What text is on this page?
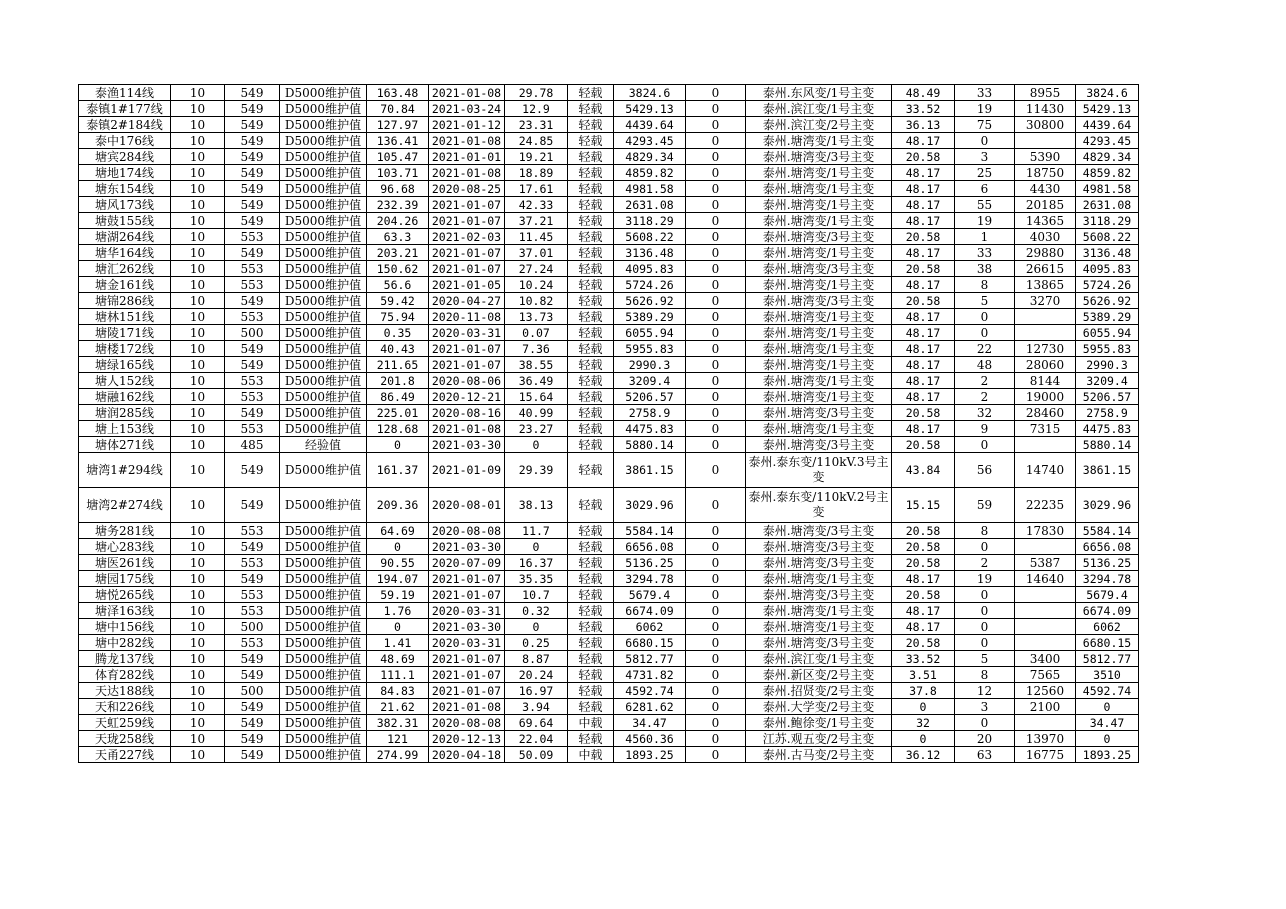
泰渔114线	10	549	D5000维护值	163.48	2021-01-08	29.78	轻载	3824.6	0	泰州.东风变/1号主变	48.49	33	8955	3824.6
泰镇1#177线	10	549	D5000维护值	70.84	2021-03-24	12.9	轻载	5429.13	0	泰州.滨江变/1号主变	33.52	19	11430	5429.13
泰镇2#184线	10	549	D5000维护值	127.97	2021-01-12	23.31	轻载	4439.64	0	泰州.滨江变/2号主变	36.13	75	30800	4439.64
泰中176线	10	549	D5000维护值	136.41	2021-01-08	24.85	轻载	4293.45	0	泰州.塘湾变/1号主变	48.17	0		4293.45
塘宾284线	10	549	D5000维护值	105.47	2021-01-01	19.21	轻载	4829.34	0	泰州.塘湾变/3号主变	20.58	3	5390	4829.34
塘地174线	10	549	D5000维护值	103.71	2021-01-08	18.89	轻载	4859.82	0	泰州.塘湾变/1号主变	48.17	25	18750	4859.82
塘东154线	10	549	D5000维护值	96.68	2020-08-25	17.61	轻载	4981.58	0	泰州.塘湾变/1号主变	48.17	6	4430	4981.58
塘风173线	10	549	D5000维护值	232.39	2021-01-07	42.33	轻载	2631.08	0	泰州.塘湾变/1号主变	48.17	55	20185	2631.08
塘鼓155线	10	549	D5000维护值	204.26	2021-01-07	37.21	轻载	3118.29	0	泰州.塘湾变/1号主变	48.17	19	14365	3118.29
塘湖264线	10	553	D5000维护值	63.3	2021-02-03	11.45	轻载	5608.22	0	泰州.塘湾变/3号主变	20.58	1	4030	5608.22
塘华164线	10	549	D5000维护值	203.21	2021-01-07	37.01	轻载	3136.48	0	泰州.塘湾变/1号主变	48.17	33	29880	3136.48
塘汇262线	10	553	D5000维护值	150.62	2021-01-07	27.24	轻载	4095.83	0	泰州.塘湾变/3号主变	20.58	38	26615	4095.83
塘金161线	10	553	D5000维护值	56.6	2021-01-05	10.24	轻载	5724.26	0	泰州.塘湾变/1号主变	48.17	8	13865	5724.26
塘锦286线	10	549	D5000维护值	59.42	2020-04-27	10.82	轻载	5626.92	0	泰州.塘湾变/3号主变	20.58	5	3270	5626.92
塘林151线	10	553	D5000维护值	75.94	2020-11-08	13.73	轻载	5389.29	0	泰州.塘湾变/1号主变	48.17	0		5389.29
塘陵171线	10	500	D5000维护值	0.35	2020-03-31	0.07	轻载	6055.94	0	泰州.塘湾变/1号主变	48.17	0		6055.94
塘楼172线	10	549	D5000维护值	40.43	2021-01-07	7.36	轻载	5955.83	0	泰州.塘湾变/1号主变	48.17	22	12730	5955.83
塘绿165线	10	549	D5000维护值	211.65	2021-01-07	38.55	轻载	2990.3	0	泰州.塘湾变/1号主变	48.17	48	28060	2990.3
塘人152线	10	553	D5000维护值	201.8	2020-08-06	36.49	轻载	3209.4	0	泰州.塘湾变/1号主变	48.17	2	8144	3209.4
塘融162线	10	553	D5000维护值	86.49	2020-12-21	15.64	轻载	5206.57	0	泰州.塘湾变/1号主变	48.17	2	19000	5206.57
塘润285线	10	549	D5000维护值	225.01	2020-08-16	40.99	轻载	2758.9	0	泰州.塘湾变/3号主变	20.58	32	28460	2758.9
塘上153线	10	553	D5000维护值	128.68	2021-01-08	23.27	轻载	4475.83	0	泰州.塘湾变/1号主变	48.17	9	7315	4475.83
塘体271线	10	485	经验值	0	2021-03-30	0	轻载	5880.14	0	泰州.塘湾变/3号主变	20.58	0		5880.14
塘湾1#294线	10	549	D5000维护值	161.37	2021-01-09	29.39	轻载	3861.15	0	泰州.泰东变/110kV.3号主变	43.84	56	14740	3861.15
塘湾2#274线	10	549	D5000维护值	209.36	2020-08-01	38.13	轻载	3029.96	0	泰州.泰东变/110kV.2号主变	15.15	59	22235	3029.96
塘务281线	10	553	D5000维护值	64.69	2020-08-08	11.7	轻载	5584.14	0	泰州.塘湾变/3号主变	20.58	8	17830	5584.14
塘心283线	10	549	D5000维护值	0	2021-03-30	0	轻载	6656.08	0	泰州.塘湾变/3号主变	20.58	0		6656.08
塘医261线	10	553	D5000维护值	90.55	2020-07-09	16.37	轻载	5136.25	0	泰州.塘湾变/3号主变	20.58	2	5387	5136.25
塘园175线	10	549	D5000维护值	194.07	2021-01-07	35.35	轻载	3294.78	0	泰州.塘湾变/1号主变	48.17	19	14640	3294.78
塘悦265线	10	553	D5000维护值	59.19	2021-01-07	10.7	轻载	5679.4	0	泰州.塘湾变/3号主变	20.58	0		5679.4
塘泽163线	10	553	D5000维护值	1.76	2020-03-31	0.32	轻载	6674.09	0	泰州.塘湾变/1号主变	48.17	0		6674.09
塘中156线	10	500	D5000维护值	0	2021-03-30	0	轻载	6062	0	泰州.塘湾变/1号主变	48.17	0		6062
塘中282线	10	553	D5000维护值	1.41	2020-03-31	0.25	轻载	6680.15	0	泰州.塘湾变/3号主变	20.58	0		6680.15
腾龙137线	10	549	D5000维护值	48.69	2021-01-07	8.87	轻载	5812.77	0	泰州.滨江变/1号主变	33.52	5	3400	5812.77
体育282线	10	549	D5000维护值	111.1	2021-01-07	20.24	轻载	4731.82	0	泰州.新区变/2号主变	3.51	8	7565	3510
天达188线	10	500	D5000维护值	84.83	2021-01-07	16.97	轻载	4592.74	0	泰州.招贤变/2号主变	37.8	12	12560	4592.74
天和226线	10	549	D5000维护值	21.62	2021-01-08	3.94	轻载	6281.62	0	泰州.大学变/2号主变	0	3	2100	0
天虹259线	10	549	D5000维护值	382.31	2020-08-08	69.64	中载	34.47	0	泰州.鲍徐变/1号主变	32	0		34.47
天珑258线	10	549	D5000维护值	121	2020-12-13	22.04	轻载	4560.36	0	江苏.观五变/2号主变	0	20	13970	0
天甬227线	10	549	D5000维护值	274.99	2020-04-18	50.09	中载	1893.25	0	泰州.古马变/2号主变	36.12	63	16775	1893.25
